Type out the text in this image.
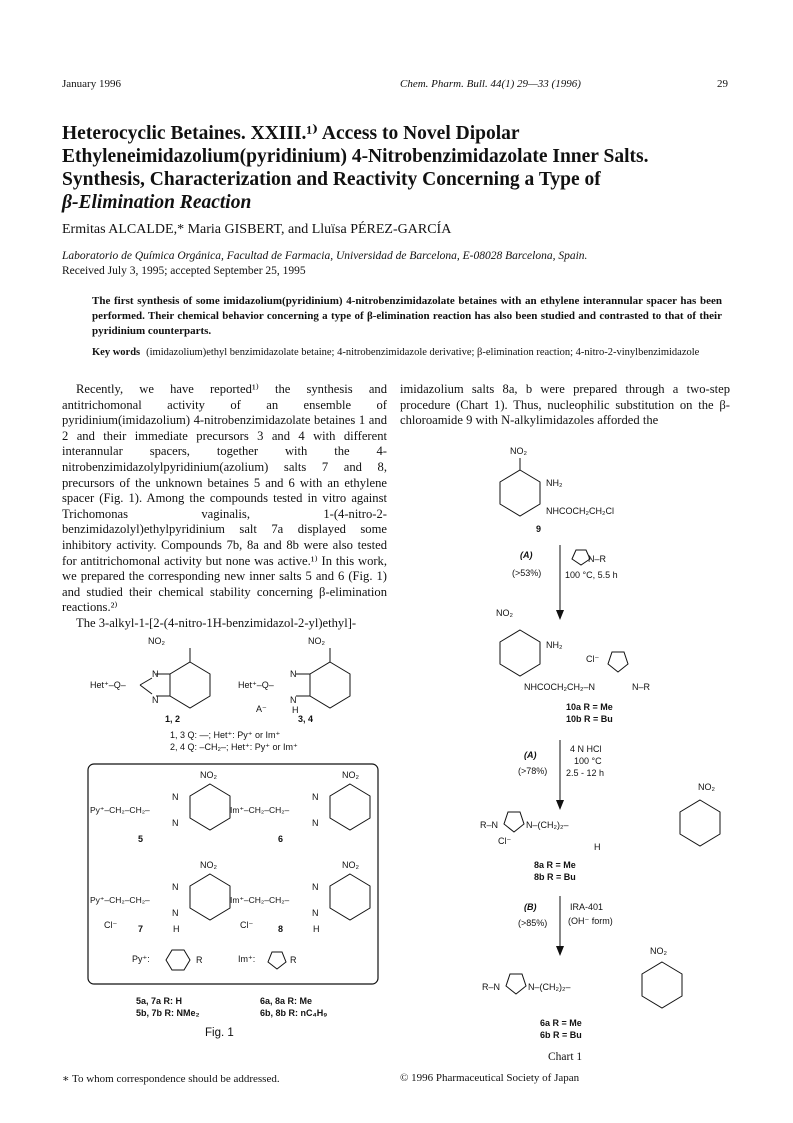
January 1996	Chem. Pharm. Bull. 44(1) 29—33 (1996)	29
Heterocyclic Betaines. XXIII.¹⁾ Access to Novel Dipolar
Ethyleneimidazolium(pyridinium) 4-Nitrobenzimidazolate Inner Salts.
Synthesis, Characterization and Reactivity Concerning a Type of
β-Elimination Reaction
Ermitas ALCALDE,* Maria GISBERT, and Lluïsa PÉREZ-GARCÍA
Laboratorio de Química Orgánica, Facultad de Farmacia, Universidad de Barcelona, E-08028 Barcelona, Spain.
Received July 3, 1995; accepted September 25, 1995
The first synthesis of some imidazolium(pyridinium) 4-nitrobenzimidazolate betaines with an ethylene interannular spacer has been performed. Their chemical behavior concerning a type of β-elimination reaction has also been studied and contrasted to that of their pyridinium counterparts.
Key words (imidazolium)ethyl benzimidazolate betaine; 4-nitrobenzimidazole derivative; β-elimination reaction; 4-nitro-2-vinylbenzimidazole

Recently, we have reported¹⁾ the synthesis and antitrichomonal activity of an ensemble of pyridinium(imidazolium) 4-nitrobenzimidazolate betaines 1 and 2 and their immediate precursors 3 and 4 with different interannular spacers, together with the 4-nitrobenzimidazolylpyridinium(azolium) salts 7 and 8, precursors of the unknown betaines 5 and 6 with an ethylene spacer (Fig. 1). Among the compounds tested in vitro against Trichomonas vaginalis, 1-(4-nitro-2-benzimidazolyl)ethylpyridinium salt 7a displayed some inhibitory activity. Compounds 7b, 8a and 8b were also tested for antitrichomonal activity but none was active.¹⁾ In this work, we prepared the corresponding new inner salts 5 and 6 (Fig. 1) and studied their chemical stability concerning β-elimination reactions.²⁾

The 3-alkyl-1-[2-(4-nitro-1H-benzimidazol-2-yl)ethyl]-

imidazolium salts 8a, b were prepared through a two-step procedure (Chart 1). Thus, nucleophilic substitution on the β-chloroamide 9 with N-alkylimidazoles afforded the

NO₂
N
N
Het⁺–Q–
1, 2
NO₂
N
N
H
Het⁺–Q–
A⁻
3, 4
1, 3 Q: —; Het⁺: Py⁺ or Im⁺
2, 4 Q: –CH₂–; Het⁺: Py⁺ or Im⁺
NO₂
N
N
Py⁺–CH₂–CH₂–
5
NO₂
N
N
Im⁺–CH₂–CH₂–
6
NO₂
N
N
Py⁺–CH₂–CH₂–
Cl⁻ 7	H
NO₂
N
N
Im⁺–CH₂–CH₂–
Cl⁻	8	H
Py⁺:	R	Im⁺:	R
5a, 7a R: H
5b, 7b R: NMe₂
6a, 8a R: Me
6b, 8b R: nC₄H₉
Fig. 1
NO₂
NH₂
NHCOCH₂CH₂Cl
9
(A)
(>53%)
N–R
100 °C, 5.5 h
NO₂
NH₂
Cl⁻
NHCOCH₂CH₂–N	N–R
10a R = Me
10b R = Bu
(A)
(>78%)
4 N HCl
100 °C
2.5 - 12 h
NO₂
R–N	N–(CH₂)₂–
Cl⁻
H
8a R = Me
8b R = Bu
(B)
(>85%)
IRA-401
(OH⁻ form)
NO₂
R–N	N–(CH₂)₂–
6a R = Me
6b R = Bu
Chart 1
∗ To whom correspondence should be addressed.	© 1996 Pharmaceutical Society of Japan
